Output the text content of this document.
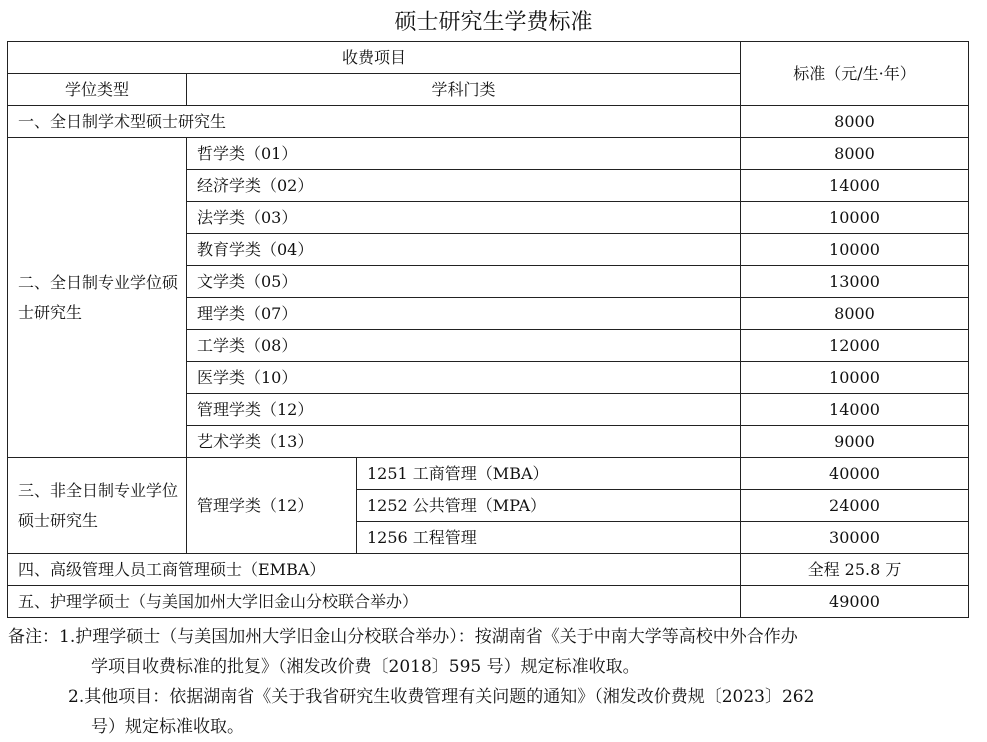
硕士研究生学费标准
收费项目			标准（元/生·年）
学位类型	学科门类		
一、全日制学术型硕士研究生			8000
二、全日制专业学位硕士研究生	哲学类（01）		8000
	经济学类（02）		14000
	法学类（03）		10000
	教育学类（04）		10000
	文学类（05）		13000
	理学类（07）		8000
	工学类（08）		12000
	医学类（10）		10000
	管理学类（12）		14000
	艺术学类（13）		9000
三、非全日制专业学位硕士研究生	管理学类（12）	1251 工商管理（MBA）	40000
		1252 公共管理（MPA）	24000
		1256 工程管理	30000
四、高级管理人员工商管理硕士（EMBA）			全程 25.8 万
五、护理学硕士（与美国加州大学旧金山分校联合举办）			49000
备注：1.护理学硕士（与美国加州大学旧金山分校联合举办）：按湖南省《关于中南大学等高校中外合作办
学项目收费标准的批复》（湘发改价费〔2018〕595 号）规定标准收取。
2.其他项目：依据湖南省《关于我省研究生收费管理有关问题的通知》（湘发改价费规〔2023〕262
号）规定标准收取。
